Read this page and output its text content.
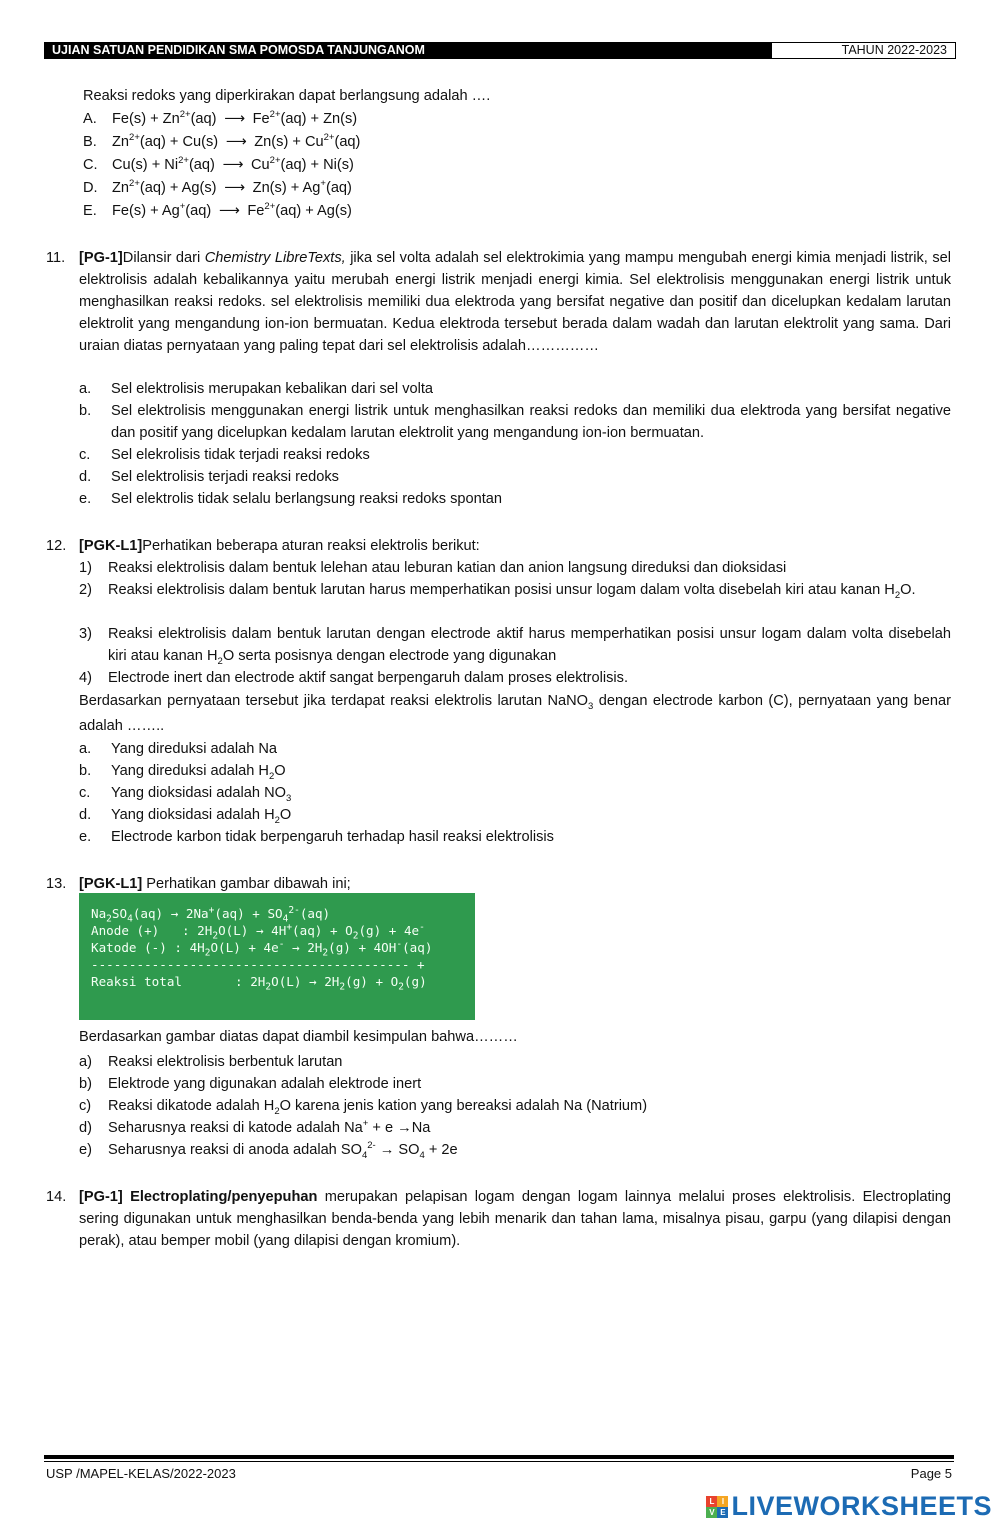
UJIAN SATUAN PENDIDIKAN SMA POMOSDA TANJUNGANOM	TAHUN 2022-2023
Reaksi redoks yang diperkirakan dapat berlangsung adalah ….
A. $Fe(s) + Zn^{2+}(aq)$ ⟶ $Fe^{2+}(aq) + Zn(s)$
B. $Zn^{2+}(aq) + Cu(s)$ ⟶ $Zn(s) + Cu^{2+}(aq)$
C. $Cu(s) + Ni^{2+}(aq)$ ⟶ $Cu^{2+}(aq) + Ni(s)$
D. $Zn^{2+}(aq) + Ag(s)$ ⟶ Zn(s) + Ag+(aq)
E. Fe(s) + Ag+(aq) ⟶ $Fe^{2+}(aq) + Ag(s)$
11. [PG-1]Dilansir dari Chemistry LibreTexts, jika sel volta adalah sel elektrokimia yang mampu mengubah energi kimia menjadi listrik, sel elektrolisis adalah kebalikannya yaitu merubah energi listrik menjadi energi kimia. Sel elektrolisis menggunakan energi listrik untuk menghasilkan reaksi redoks. sel elektrolisis memiliki dua elektroda yang bersifat negative dan positif dan dicelupkan kedalam larutan elektrolit yang mengandung ion-ion bermuatan. Kedua elektroda tersebut berada dalam wadah dan larutan elektrolit yang sama. Dari uraian diatas pernyataan yang paling tepat dari sel elektrolisis adalah……………
a. Sel elektrolisis merupakan kebalikan dari sel volta
b. Sel elektrolisis menggunakan energi listrik untuk menghasilkan reaksi redoks dan memiliki dua elektroda yang bersifat negative dan positif yang dicelupkan kedalam larutan elektrolit yang mengandung ion-ion bermuatan.
c. Sel elekrolisis tidak terjadi reaksi redoks
d. Sel elektrolisis terjadi reaksi redoks
e. Sel elektrolis tidak selalu berlangsung reaksi redoks spontan
12. [PGK-L1]Perhatikan beberapa aturan reaksi elektrolis berikut:
1) Reaksi elektrolisis dalam bentuk lelehan atau leburan katian dan anion langsung direduksi dan dioksidasi
2) Reaksi elektrolisis dalam bentuk larutan harus memperhatikan posisi unsur logam dalam volta disebelah kiri atau kanan $H_2O$.
3) Reaksi elektrolisis dalam bentuk larutan dengan electrode aktif harus memperhatikan posisi unsur logam dalam volta disebelah kiri atau kanan $H_2O$ serta posisnya dengan electrode yang digunakan
4) Electrode inert dan electrode aktif sangat berpengaruh dalam proses elektrolisis.
Berdasarkan pernyataan tersebut jika terdapat reaksi elektrolis larutan NaNO$_3$ dengan electrode karbon (C), pernyataan yang benar adalah ……..
a. Yang direduksi adalah Na
b. Yang direduksi adalah $H_2O$
c. Yang dioksidasi adalah $NO_3$
d. Yang dioksidasi adalah $H_2O$
e. Electrode karbon tidak berpengaruh terhadap hasil reaksi elektrolisis
13. [PGK-L1] Perhatikan gambar dibawah ini;
$Na_2SO_4(aq) \to 2Na^+(aq) + SO_4^{2-}(aq)$
Anode (+)   : $2H_2O(L) \to 4H^+(aq) + O_2(g) + 4e^-$
Katode (-) : $4H_2O(L) + 4e^- \to 2H_2(g) + 4OH^-(aq)$
------------------------------------------ +
Reaksi total       : $2H_2O(L) \to 2H_2(g) + O_2(g)$
Berdasarkan gambar diatas dapat diambil kesimpulan bahwa………
a) Reaksi elektrolisis berbentuk larutan
b) Elektrode yang digunakan adalah elektrode inert
c) Reaksi dikatode adalah $H_2O$ karena jenis kation yang bereaksi adalah Na (Natrium)
d) Seharusnya reaksi di katode adalah Na+ + e →Na
e) Seharusnya reaksi di anoda adalah $SO_4^{2-} \to SO_4 + 2e$
14. [PG-1] Electroplating/penyepuhan merupakan pelapisan logam dengan logam lainnya melalui proses elektrolisis. Electroplating sering digunakan untuk menghasilkan benda-benda yang lebih menarik dan tahan lama, misalnya pisau, garpu (yang dilapisi dengan perak), atau bemper mobil (yang dilapisi dengan kromium).
USP /MAPEL-KELAS/2022-2023	Page 5
L I
V E LIVEWORKSHEETS
